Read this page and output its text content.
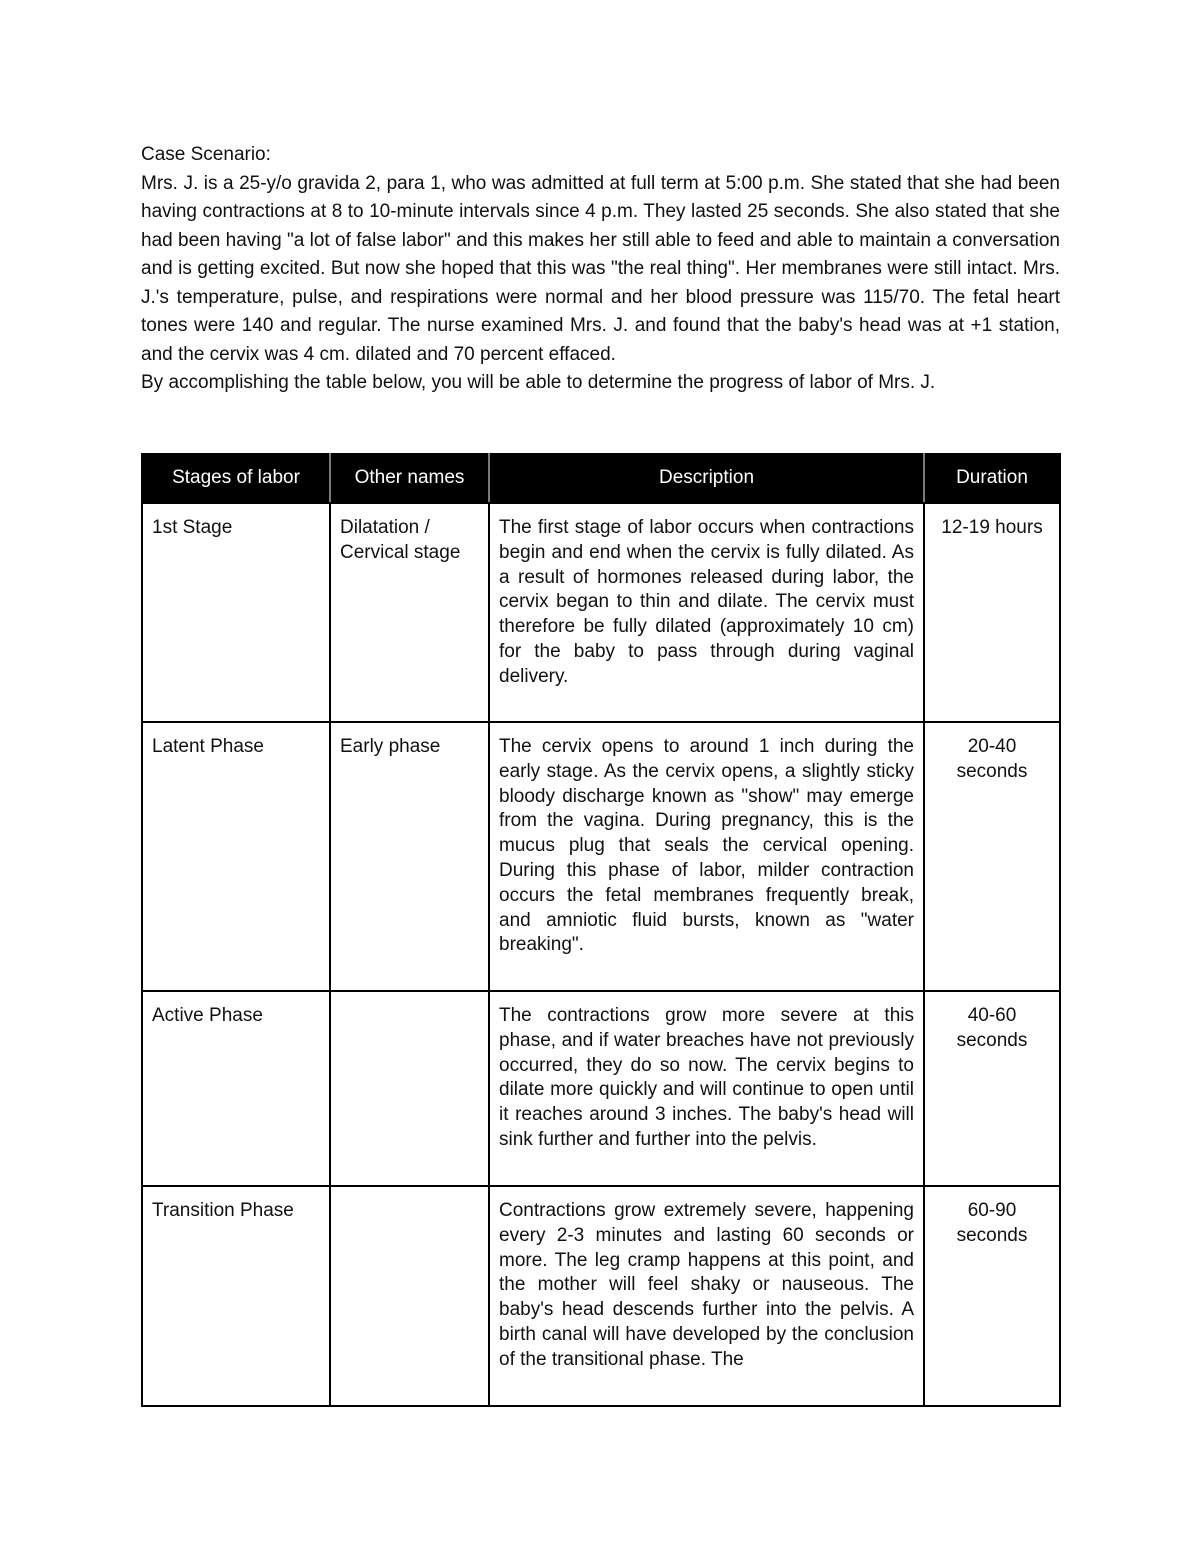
Case Scenario:

Mrs. J. is a 25-y/o gravida 2, para 1, who was admitted at full term at 5:00 p.m. She stated that she had been having contractions at 8 to 10-minute intervals since 4 p.m. They lasted 25 seconds. She also stated that she had been having "a lot of false labor" and this makes her still able to feed and able to maintain a conversation and is getting excited. But now she hoped that this was "the real thing". Her membranes were still intact. Mrs. J.'s temperature, pulse, and respirations were normal and her blood pressure was 115/70. The fetal heart tones were 140 and regular. The nurse examined Mrs. J. and found that the baby's head was at +1 station, and the cervix was 4 cm. dilated and 70 percent effaced.

By accomplishing the table below, you will be able to determine the progress of labor of Mrs. J.

Stages of labor	Other names	Description	Duration
1st Stage	Dilatation / Cervical stage	The first stage of labor occurs when contractions begin and end when the cervix is fully dilated. As a result of hormones released during labor, the cervix began to thin and dilate. The cervix must therefore be fully dilated (approximately 10 cm) for the baby to pass through during vaginal delivery.	12-19 hours
Latent Phase	Early phase	The cervix opens to around 1 inch during the early stage. As the cervix opens, a slightly sticky bloody discharge known as "show" may emerge from the vagina. During pregnancy, this is the mucus plug that seals the cervical opening. During this phase of labor, milder contraction occurs the fetal membranes frequently break, and amniotic fluid bursts, known as "water breaking".	20-40 seconds
Active Phase		The contractions grow more severe at this phase, and if water breaches have not previously occurred, they do so now. The cervix begins to dilate more quickly and will continue to open until it reaches around 3 inches. The baby's head will sink further and further into the pelvis.	40-60 seconds
Transition Phase		Contractions grow extremely severe, happening every 2-3 minutes and lasting 60 seconds or more. The leg cramp happens at this point, and the mother will feel shaky or nauseous. The baby's head descends further into the pelvis. A birth canal will have developed by the conclusion of the transitional phase. The	60-90 seconds
